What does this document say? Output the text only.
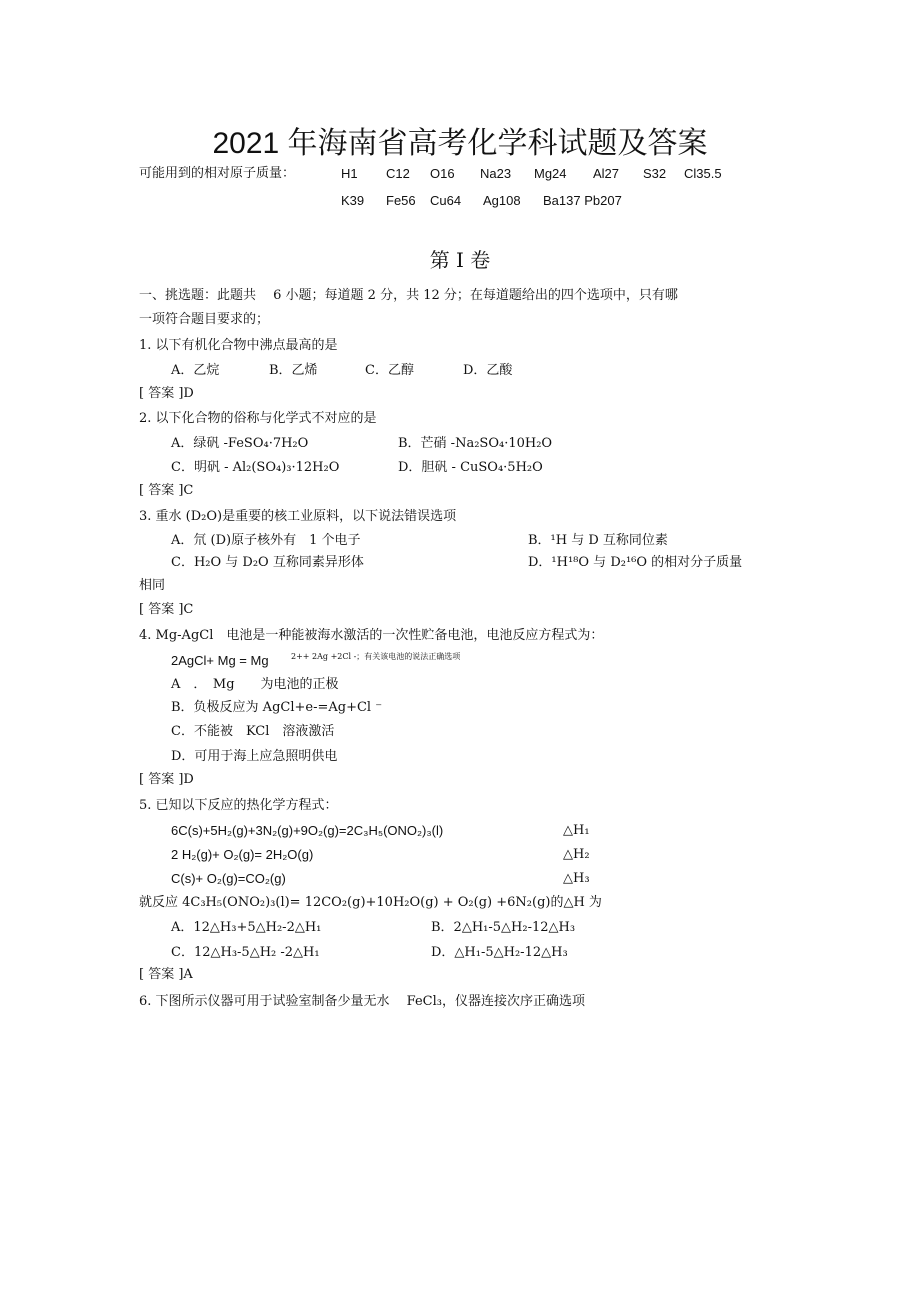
2021 年海南省高考化学科试题及答案
可能用到的相对原子质量：	H1 C12 O16 Na23 Mg24 Al27 S32 Cl35.5
K39 Fe56 Cu64 Ag108 Ba137 Pb207
第 Ⅰ 卷
一、挑选题：此题共　 6 小题；每道题 2 分，共 12 分；在每道题给出的四个选项中，只有哪
一项符合题目要求的；
1. 以下有机化合物中沸点最高的是
A．乙烷	B．乙烯	C．乙醇	D．乙酸
[ 答案 ]D
2. 以下化合物的俗称与化学式不对应的是
A．绿矾 -FeSO₄·7H₂O	B．芒硝 -Na₂SO₄·10H₂O
C．明矾 - Al₂(SO₄)₃·12H₂O	D．胆矾 - CuSO₄·5H₂O
[ 答案 ]C
3. 重水 (D₂O)是重要的核工业原料，以下说法错误选项
A．氘 (D)原子核外有　1 个电子	B．¹H 与 D 互称同位素
C．H₂O 与 D₂O 互称同素异形体	D．¹H¹⁸O 与 D₂¹⁶O 的相对分子质量
相同
[ 答案 ]C
4. Mg-AgCl　电池是一种能被海水激活的一次性贮备电池，电池反应方程式为：
2AgCl+ Mg = Mg	2++ 2Ag +2Cl -；有关该电池的说法正确选项
A　．　Mg　　为电池的正极
B．负极反应为 AgCl+e-=Ag+Cl ⁻
C．不能被　KCl　溶液激活
D．可用于海上应急照明供电
[ 答案 ]D
5. 已知以下反应的热化学方程式：
6C(s)+5H₂(g)+3N₂(g)+9O₂(g)=2C₃H₅(ONO₂)₃(l)	△H₁
2 H₂(g)+ O₂(g)= 2H₂O(g)	△H₂
C(s)+ O₂(g)=CO₂(g)	△H₃
就反应 4C₃H₅(ONO₂)₃(l)= 12CO₂(g)+10H₂O(g) + O₂(g) +6N₂(g)的△H 为
A．12△H₃+5△H₂-2△H₁	B．2△H₁-5△H₂-12△H₃
C．12△H₃-5△H₂ -2△H₁	D．△H₁-5△H₂-12△H₃
[ 答案 ]A
6. 下图所示仪器可用于试验室制备少量无水　 FeCl₃，仪器连接次序正确选项
